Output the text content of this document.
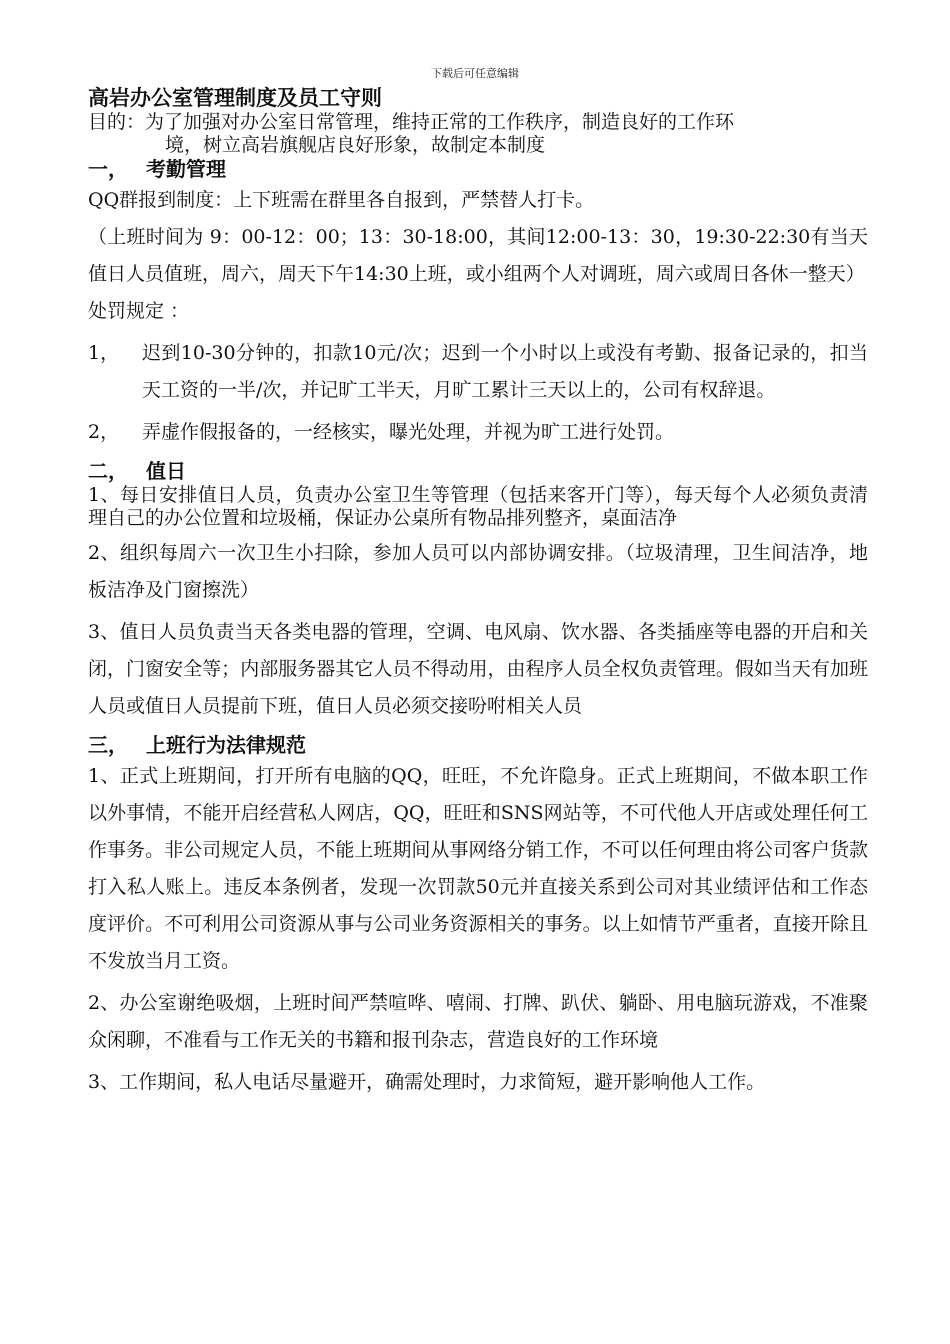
下载后可任意编辑
高岩办公室管理制度及员工守则

目的：为了加强对办公室日常管理，维持正常的工作秩序，制造良好的工作环
境，树立高岩旗舰店良好形象，故制定本制度

一， 考勤管理

QQ群报到制度：上下班需在群里各自报到，严禁替人打卡。

（上班时间为 9：00-12：00；13：30-18:00，其间12:00-13：30，19:30-22:30有当天值日人员值班，周六，周天下午14:30上班，或小组两个人对调班，周六或周日各休一整天）

处罚规定 ：

1， 迟到10-30分钟的，扣款10元/次；迟到一个小时以上或没有考勤、报备记录的，扣当天工资的一半/次，并记旷工半天，月旷工累计三天以上的，公司有权辞退。

2， 弄虚作假报备的，一经核实，曝光处理，并视为旷工进行处罚。

二， 值日

1、每日安排值日人员，负责办公室卫生等管理（包括来客开门等），每天每个人必须负责清理自己的办公位置和垃圾桶，保证办公桌所有物品排列整齐，桌面洁净

2、组织每周六一次卫生小扫除，参加人员可以内部协调安排。（垃圾清理，卫生间洁净，地板洁净及门窗擦洗）

3、值日人员负责当天各类电器的管理，空调、电风扇、饮水器、各类插座等电器的开启和关闭，门窗安全等；内部服务器其它人员不得动用，由程序人员全权负责管理。假如当天有加班人员或值日人员提前下班，值日人员必须交接吩咐相关人员

三， 上班行为法律规范

1、正式上班期间，打开所有电脑的QQ，旺旺，不允许隐身。正式上班期间，不做本职工作以外事情，不能开启经营私人网店，QQ，旺旺和SNS网站等，不可代他人开店或处理任何工作事务。非公司规定人员，不能上班期间从事网络分销工作，不可以任何理由将公司客户货款打入私人账上。违反本条例者，发现一次罚款50元并直接关系到公司对其业绩评估和工作态度评价。不可利用公司资源从事与公司业务资源相关的事务。以上如情节严重者，直接开除且不发放当月工资。

2、办公室谢绝吸烟，上班时间严禁喧哗、嘻闹、打牌、趴伏、躺卧、用电脑玩游戏，不准聚众闲聊，不准看与工作无关的书籍和报刊杂志，营造良好的工作环境

3、工作期间，私人电话尽量避开，确需处理时，力求简短，避开影响他人工作。
